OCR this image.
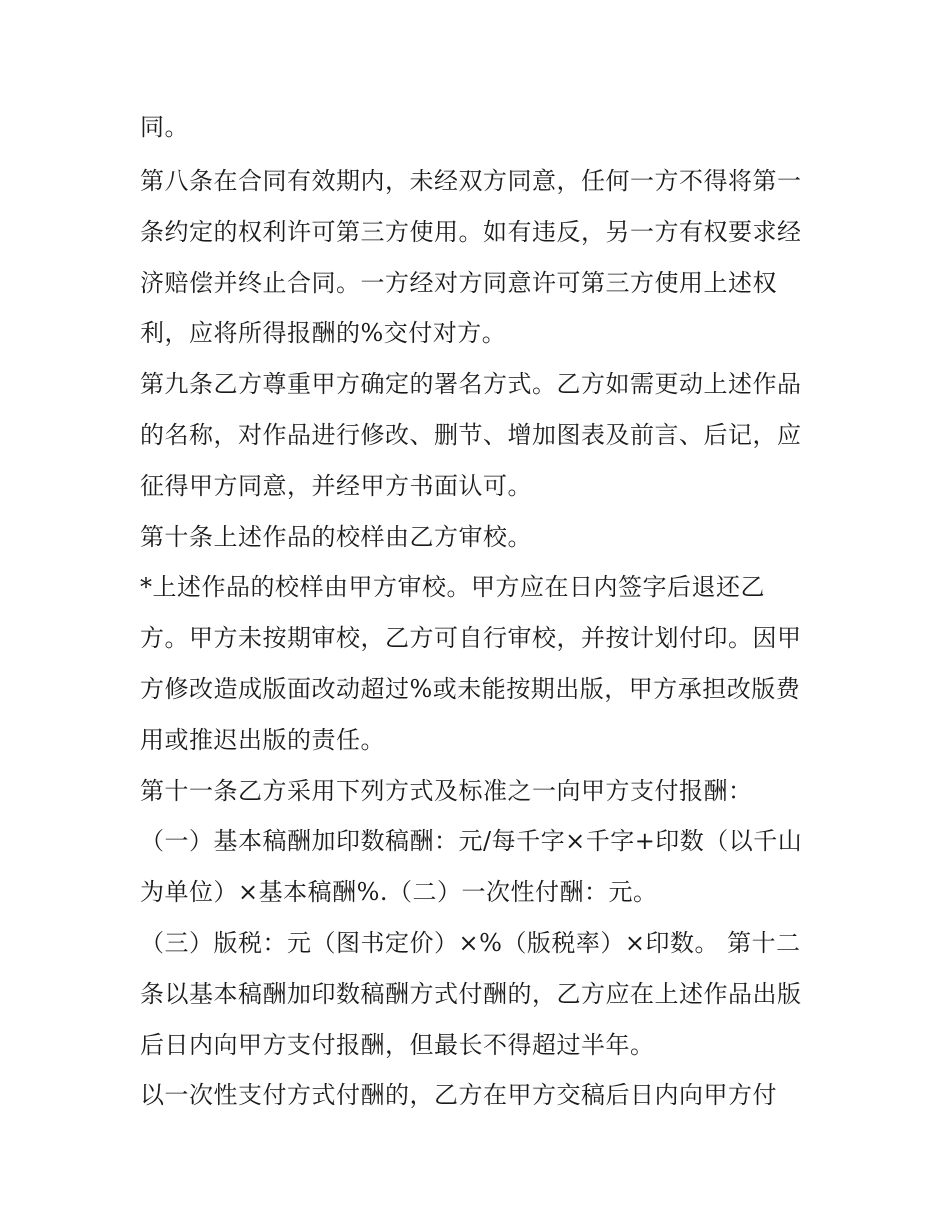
同。
第八条在合同有效期内，未经双方同意，任何一方不得将第一
条约定的权利许可第三方使用。如有违反，另一方有权要求经
济赔偿并终止合同。一方经对方同意许可第三方使用上述权
利，应将所得报酬的%交付对方。
第九条乙方尊重甲方确定的署名方式。乙方如需更动上述作品
的名称，对作品进行修改、删节、增加图表及前言、后记，应
征得甲方同意，并经甲方书面认可。
第十条上述作品的校样由乙方审校。
*上述作品的校样由甲方审校。甲方应在日内签字后退还乙
方。甲方未按期审校，乙方可自行审校，并按计划付印。因甲
方修改造成版面改动超过%或未能按期出版，甲方承担改版费
用或推迟出版的责任。
第十一条乙方采用下列方式及标准之一向甲方支付报酬：
（一）基本稿酬加印数稿酬：元/每千字×千字+印数（以千山
为单位）×基本稿酬%.（二）一次性付酬：元。
（三）版税：元（图书定价）×%（版税率）×印数。 第十二
条以基本稿酬加印数稿酬方式付酬的，乙方应在上述作品出版
后日内向甲方支付报酬，但最长不得超过半年。
以一次性支付方式付酬的，乙方在甲方交稿后日内向甲方付
